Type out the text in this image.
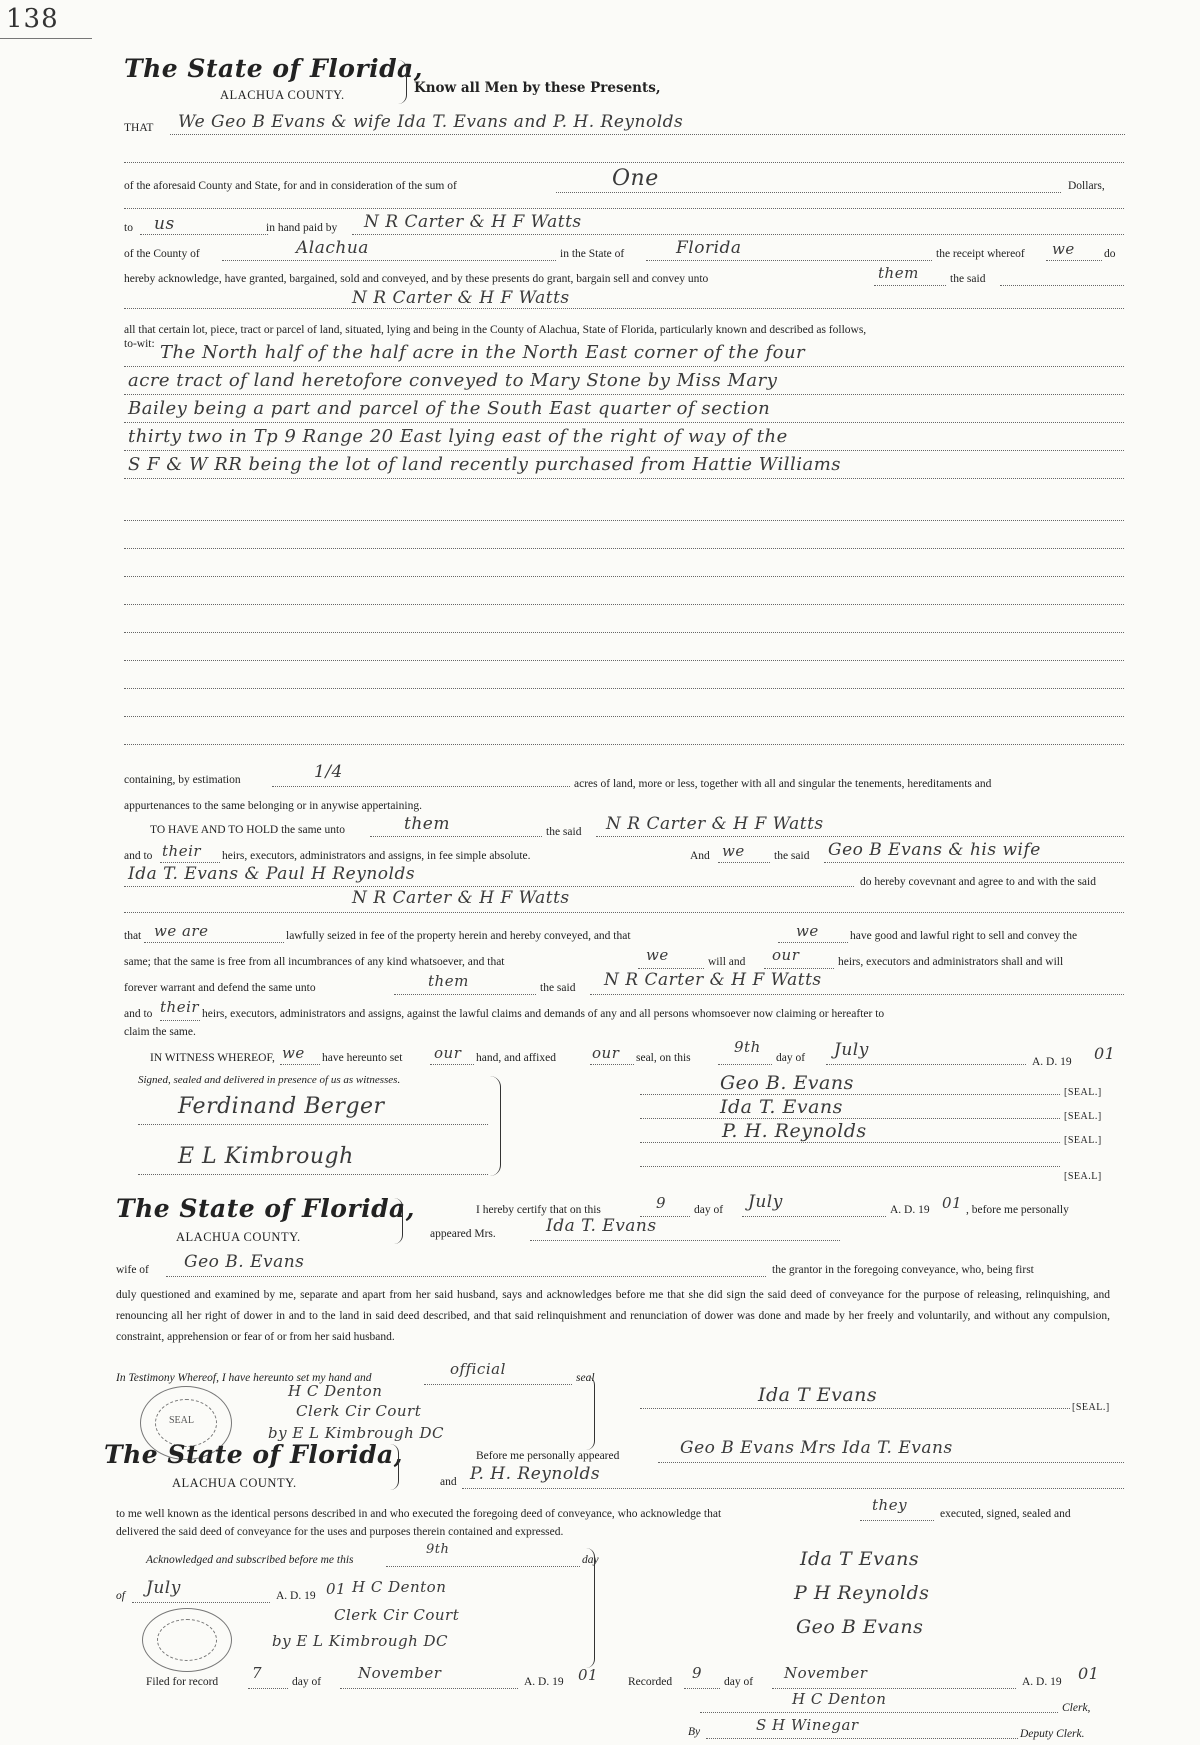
138
The State of Florida,
ALACHUA COUNTY.	Know all Men by these Presents,
THAT We Geo B Evans & wife Ida T. Evans and P. H. Reynolds
of the aforesaid County and State, for and in consideration of the sum of	One	Dollars,
to us	in hand paid by N R Carter & H F Watts
of the County of	Alachua	in the State of	Florida	the receipt whereof we	do
hereby acknowledge, have granted, bargained, sold and conveyed, and by these presents do grant, bargain sell and convey unto	them	the said
N R Carter & H F Watts
all that certain lot, piece, tract or parcel of land, situated, lying and being in the County of Alachua, State of Florida, particularly known and described as follows,
to-wit: The North half of the half acre in the North East corner of the four
acre tract of land heretofore conveyed to Mary Stone by Miss Mary
Bailey being a part and parcel of the South East quarter of section
thirty two in Tp 9 Range 20 East lying east of the right of way of the
S F & W RR being the lot of land recently purchased from Hattie Williams
containing, by estimation	1/4
acres of land, more or less, together with all and singular the tenements, hereditaments and
appurtenances to the same belonging or in anywise appertaining.
TO HAVE AND TO HOLD the same unto	them	the said N R Carter & H F Watts
and to their heirs, executors, administrators and assigns, in fee simple absolute.	And we	the said Geo B Evans & his wife
Ida T. Evans & Paul H Reynolds	do hereby covevnant and agree to and with the said
N R Carter & H F Watts
that we are	lawfully seized in fee of the property herein and hereby conveyed, and that	we	have good and lawful right to sell and convey the
same; that the same is free from all incumbrances of any kind whatsoever, and that	we	will and our	heirs, executors and administrators shall and will
forever warrant and defend the same unto	them	the said N R Carter & H F Watts
and to their heirs, executors, administrators and assigns, against the lawful claims and demands of any and all persons whomsoever now claiming or hereafter to
claim the same.
IN WITNESS WHEREOF, we have hereunto set our hand, and affixed our seal, on this
9th
day of July
A. D. 19 01
Signed, sealed and delivered in presence of us as witnesses.
Ferdinand Berger
E L Kimbrough
Geo B. Evans	[SEAL.]
Ida T. Evans	[SEAL.]
P. H. Reynolds	[SEAL.]
[SEA.L]
The State of Florida,
ALACHUA COUNTY.
I hereby certify that on this	9 day of July	A. D. 19 01 , before me personally
appeared Mrs.	Ida T. Evans
wife of Geo B. Evans	the grantor in the foregoing conveyance, who, being first
duly questioned and examined by me, separate and apart from her said husband, says and acknowledges before me that she did sign the said deed of conveyance for the purpose of releasing, relinquishing, and renouncing all her right of dower in and to the land in said deed described, and that said relinquishment and renunciation of dower was done and made by her freely and voluntarily, and without any compulsion, constraint, apprehension or fear of or from her said husband.
In Testimony Whereof, I have hereunto set my hand and	official	seal
SEAL
H C Denton
Clerk Cir Court
by E L Kimbrough DC
Ida T Evans
[SEAL.]
The State of Florida,
ALACHUA COUNTY.
Before me personally appeared	Geo B Evans Mrs Ida T. Evans
and P. H. Reynolds
to me well known as the identical persons described in and who executed the foregoing deed of conveyance, who acknowledge that	they	executed, signed, sealed and
delivered the said deed of conveyance for the uses and purposes therein contained and expressed.
Acknowledged and subscribed before me this
9th
day
of July	A. D. 19 01 H C Denton
Clerk Cir Court
by E L Kimbrough DC
Ida T Evans
P H Reynolds
Geo B Evans
Filed for record 7	day of November	A. D. 19 01	Recorded 9 day of November	A. D. 19 01
H C Denton	Clerk,
By	S H Winegar	Deputy Clerk.
